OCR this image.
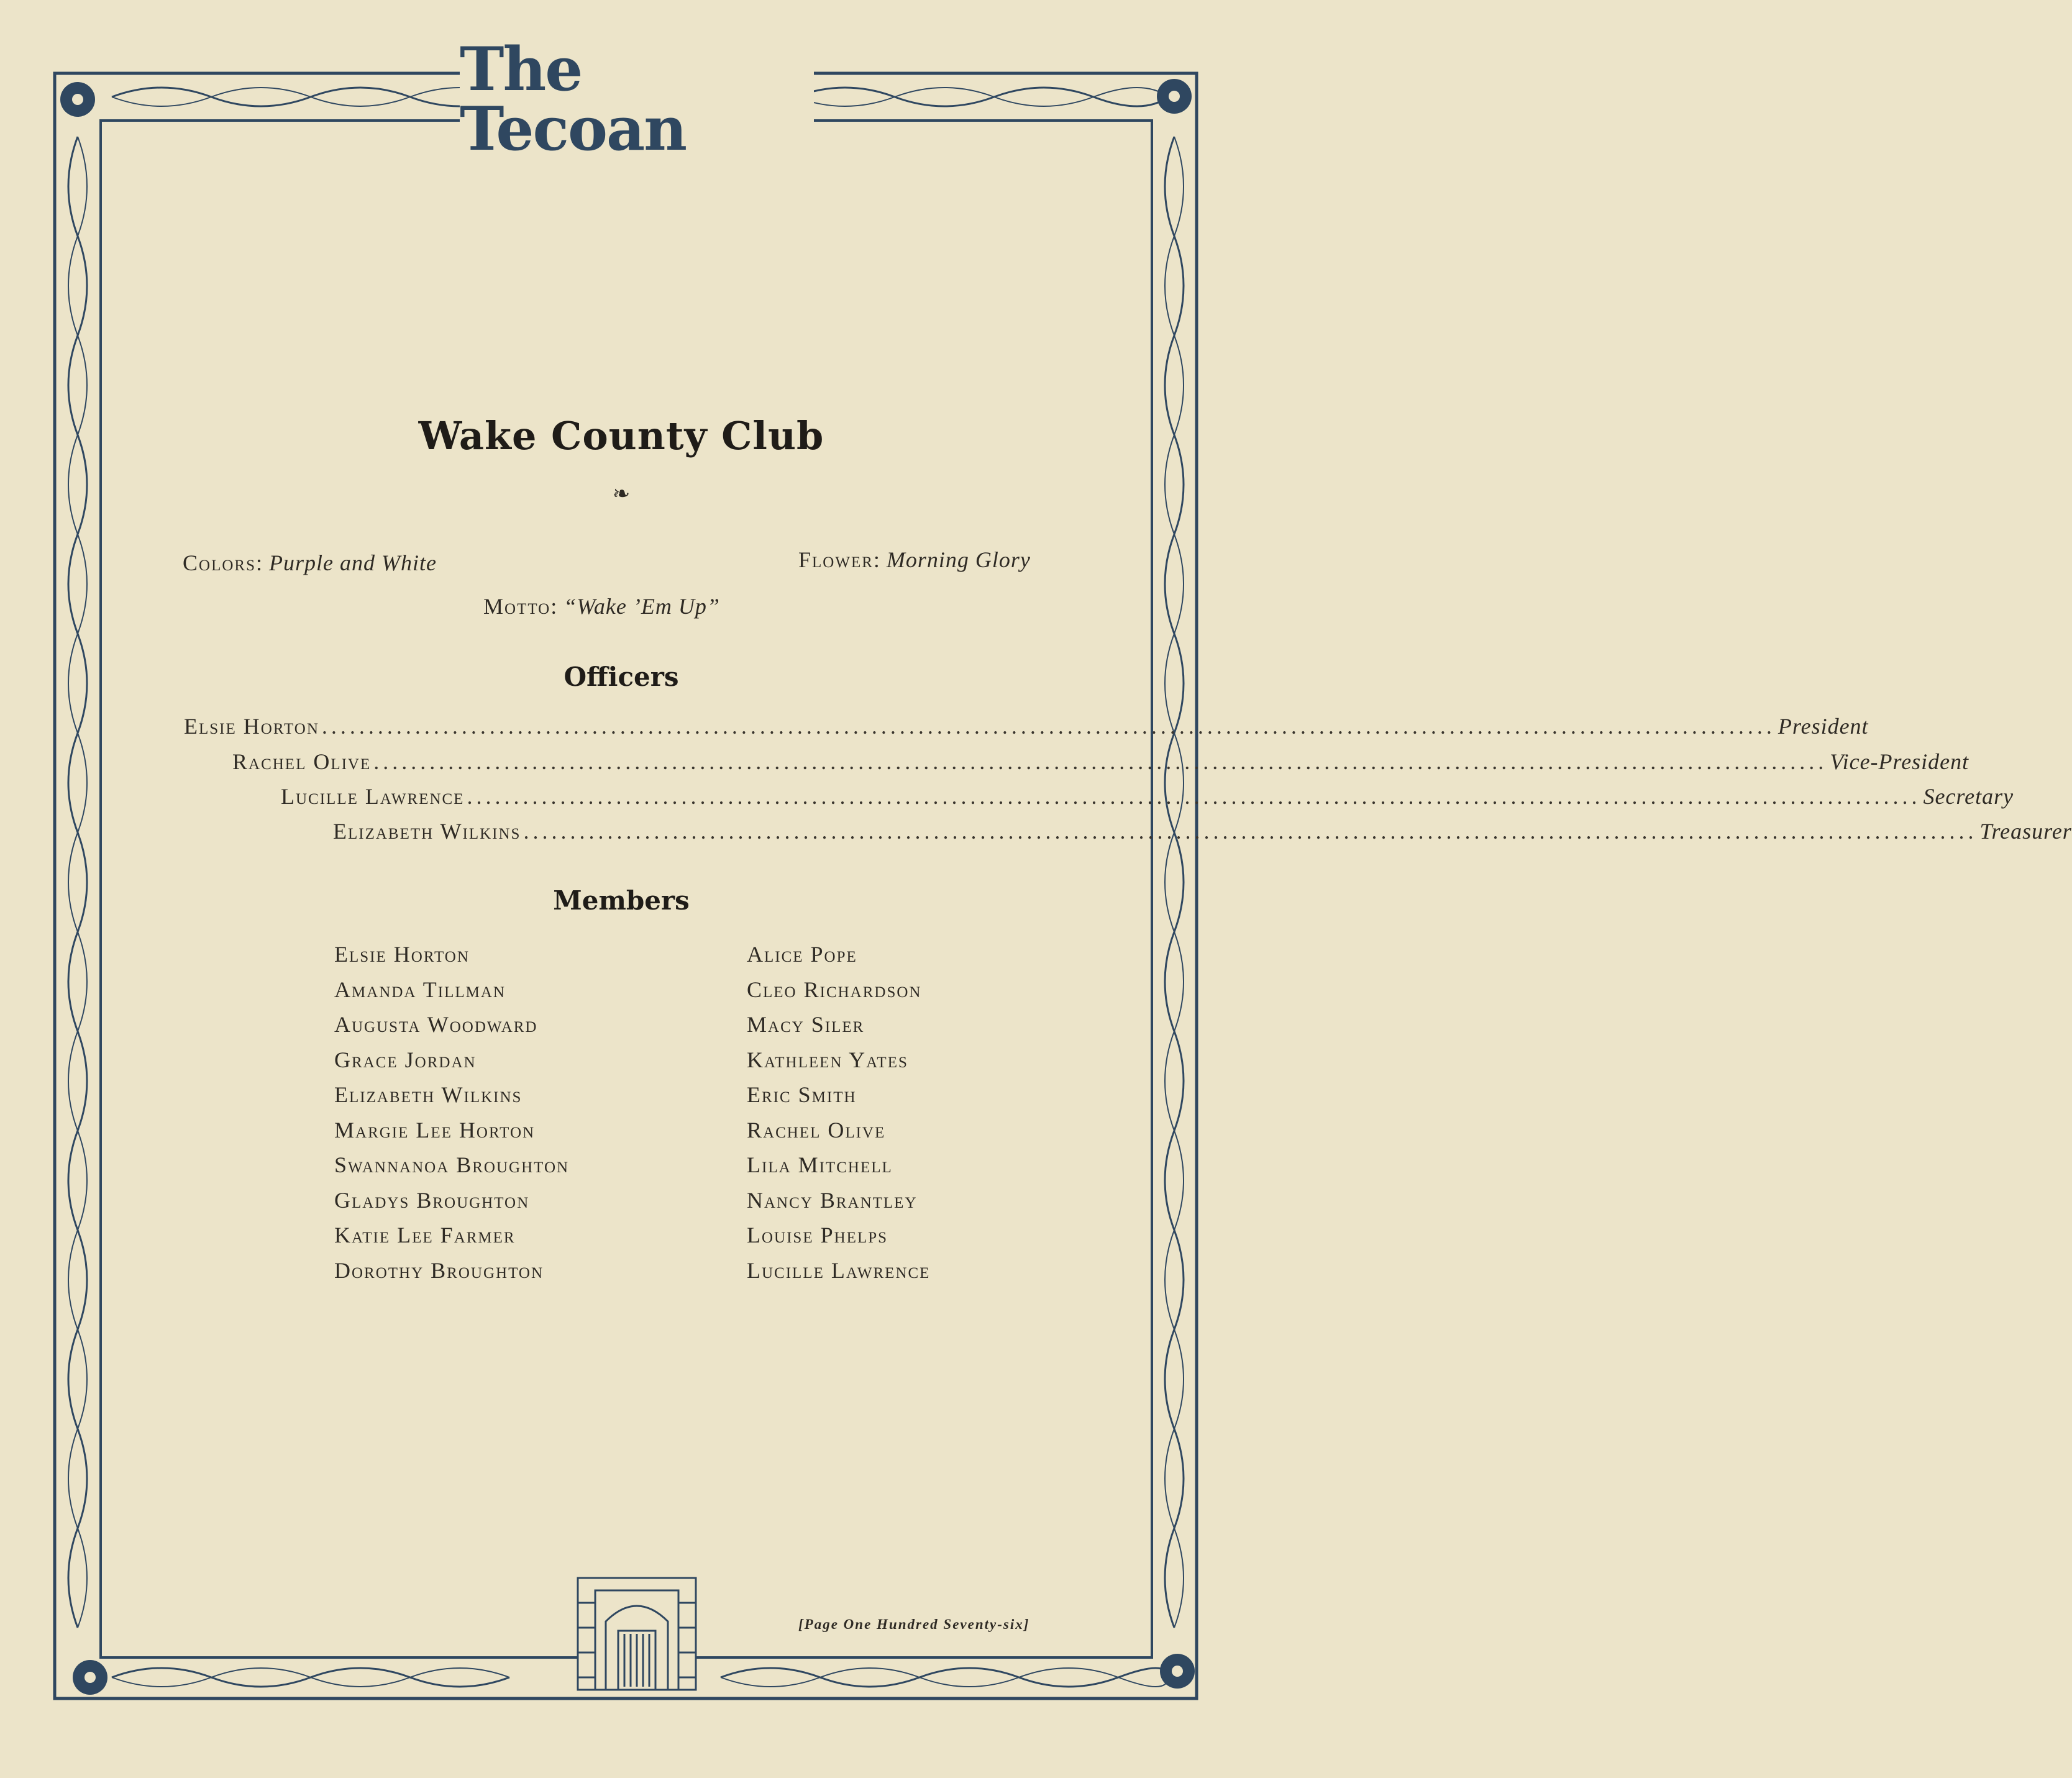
The Tecoan
Wake County Club
❧
Colors: Purple and White	Flower: Morning Glory
Motto: “Wake ’Em Up”
Officers
Elsie Horton ............................................................................................................................................................ President
Rachel Olive ............................................................................................................................................................ Vice-President
Lucille Lawrence ............................................................................................................................................................ Secretary
Elizabeth Wilkins ............................................................................................................................................................ Treasurer
Members
Elsie Horton
Amanda Tillman
Augusta Woodward
Grace Jordan
Elizabeth Wilkins
Margie Lee Horton
Swannanoa Broughton
Gladys Broughton
Katie Lee Farmer
Dorothy Broughton
Alice Pope
Cleo Richardson
Macy Siler
Kathleen Yates
Eric Smith
Rachel Olive
Lila Mitchell
Nancy Brantley
Louise Phelps
Lucille Lawrence
[Page One Hundred Seventy-six]
